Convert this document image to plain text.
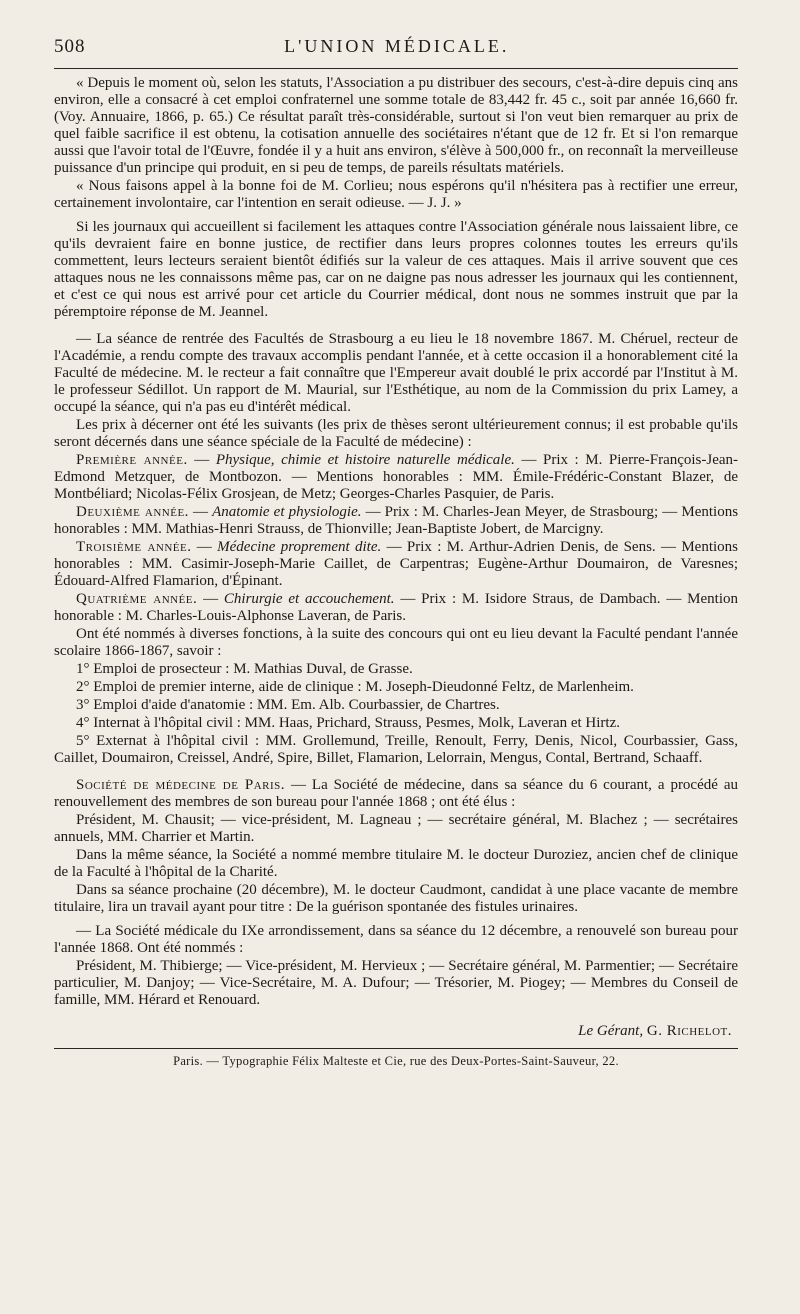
508	L'UNION MÉDICALE.

« Depuis le moment où, selon les statuts, l'Association a pu distribuer des secours, c'est-à-dire depuis cinq ans environ, elle a consacré à cet emploi confraternel une somme totale de 83,442 fr. 45 c., soit par année 16,660 fr. (Voy. Annuaire, 1866, p. 65.) Ce résultat paraît très-considérable, surtout si l'on veut bien remarquer au prix de quel faible sacrifice il est obtenu, la cotisation annuelle des sociétaires n'étant que de 12 fr. Et si l'on remarque aussi que l'avoir total de l'Œuvre, fondée il y a huit ans environ, s'élève à 500,000 fr., on reconnaît la merveilleuse puissance d'un principe qui produit, en si peu de temps, de pareils résultats matériels.

« Nous faisons appel à la bonne foi de M. Corlieu; nous espérons qu'il n'hésitera pas à rectifier une erreur, certainement involontaire, car l'intention en serait odieuse. — J. J. »

Si les journaux qui accueillent si facilement les attaques contre l'Association générale nous laissaient libre, ce qu'ils devraient faire en bonne justice, de rectifier dans leurs propres colonnes toutes les erreurs qu'ils commettent, leurs lecteurs seraient bientôt édifiés sur la valeur de ces attaques. Mais il arrive souvent que ces attaques nous ne les connaissons même pas, car on ne daigne pas nous adresser les journaux qui les contiennent, et c'est ce qui nous est arrivé pour cet article du Courrier médical, dont nous ne sommes instruit que par la péremptoire réponse de M. Jeannel.

— La séance de rentrée des Facultés de Strasbourg a eu lieu le 18 novembre 1867. M. Chéruel, recteur de l'Académie, a rendu compte des travaux accomplis pendant l'année, et à cette occasion il a honorablement cité la Faculté de médecine. M. le recteur a fait connaître que l'Empereur avait doublé le prix accordé par l'Institut à M. le professeur Sédillot. Un rapport de M. Maurial, sur l'Esthétique, au nom de la Commission du prix Lamey, a occupé la séance, qui n'a pas eu d'intérêt médical.

Les prix à décerner ont été les suivants (les prix de thèses seront ultérieurement connus; il est probable qu'ils seront décernés dans une séance spéciale de la Faculté de médecine) :

Première année. — Physique, chimie et histoire naturelle médicale. — Prix : M. Pierre-François-Jean-Edmond Metzquer, de Montbozon. — Mentions honorables : MM. Émile-Frédéric-Constant Blazer, de Montbéliard; Nicolas-Félix Grosjean, de Metz; Georges-Charles Pasquier, de Paris.

Deuxième année. — Anatomie et physiologie. — Prix : M. Charles-Jean Meyer, de Strasbourg; — Mentions honorables : MM. Mathias-Henri Strauss, de Thionville; Jean-Baptiste Jobert, de Marcigny.

Troisième année. — Médecine proprement dite. — Prix : M. Arthur-Adrien Denis, de Sens. — Mentions honorables : MM. Casimir-Joseph-Marie Caillet, de Carpentras; Eugène-Arthur Doumairon, de Varesnes; Édouard-Alfred Flamarion, d'Épinant.

Quatrième année. — Chirurgie et accouchement. — Prix : M. Isidore Straus, de Dambach. — Mention honorable : M. Charles-Louis-Alphonse Laveran, de Paris.

Ont été nommés à diverses fonctions, à la suite des concours qui ont eu lieu devant la Faculté pendant l'année scolaire 1866-1867, savoir :

1° Emploi de prosecteur : M. Mathias Duval, de Grasse.

2° Emploi de premier interne, aide de clinique : M. Joseph-Dieudonné Feltz, de Marlenheim.

3° Emploi d'aide d'anatomie : MM. Em. Alb. Courbassier, de Chartres.

4° Internat à l'hôpital civil : MM. Haas, Prichard, Strauss, Pesmes, Molk, Laveran et Hirtz.

5° Externat à l'hôpital civil : MM. Grollemund, Treille, Renoult, Ferry, Denis, Nicol, Courbassier, Gass, Caillet, Doumairon, Creissel, André, Spire, Billet, Flamarion, Lelorrain, Mengus, Contal, Bertrand, Schaaff.

Société de médecine de Paris. — La Société de médecine, dans sa séance du 6 courant, a procédé au renouvellement des membres de son bureau pour l'année 1868 ; ont été élus :

Président, M. Chausit; — vice-président, M. Lagneau ; — secrétaire général, M. Blachez ; — secrétaires annuels, MM. Charrier et Martin.

Dans la même séance, la Société a nommé membre titulaire M. le docteur Duroziez, ancien chef de clinique de la Faculté à l'hôpital de la Charité.

Dans sa séance prochaine (20 décembre), M. le docteur Caudmont, candidat à une place vacante de membre titulaire, lira un travail ayant pour titre : De la guérison spontanée des fistules urinaires.

— La Société médicale du IXe arrondissement, dans sa séance du 12 décembre, a renouvelé son bureau pour l'année 1868. Ont été nommés :

Président, M. Thibierge; — Vice-président, M. Hervieux ; — Secrétaire général, M. Parmentier; — Secrétaire particulier, M. Danjoy; — Vice-Secrétaire, M. A. Dufour; — Trésorier, M. Piogey; — Membres du Conseil de famille, MM. Hérard et Renouard.

Le Gérant, G. Richelot.
Paris. — Typographie Félix Malteste et Cie, rue des Deux-Portes-Saint-Sauveur, 22.
